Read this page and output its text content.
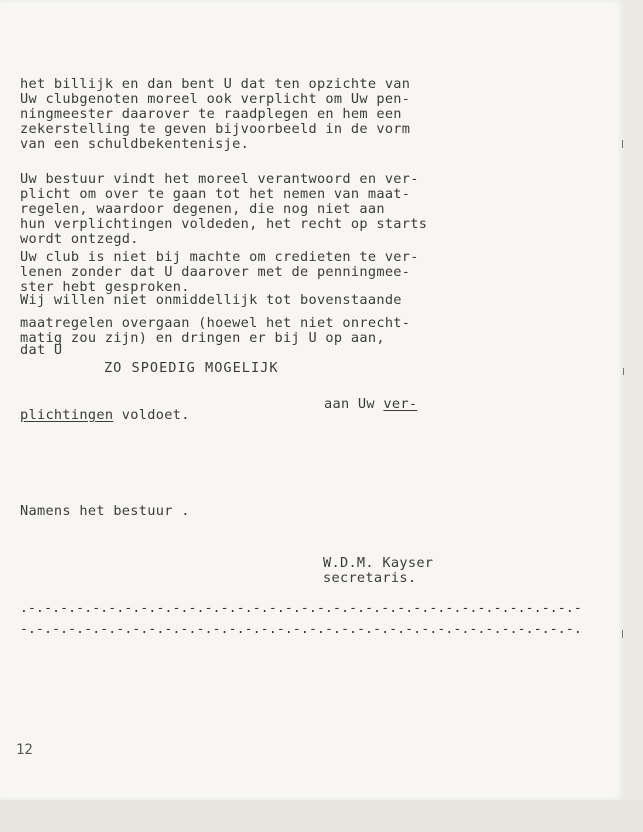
het billijk en dan bent U dat ten opzichte van
Uw clubgenoten moreel ook verplicht om Uw pen-
ningmeester daarover te raadplegen en hem een
zekerstelling te geven bijvoorbeeld in de vorm
van een schuldbekentenisje.
Uw bestuur vindt het moreel verantwoord en ver-
plicht om over te gaan tot het nemen van maat-
regelen, waardoor degenen, die nog niet aan
hun verplichtingen voldeden, het recht op starts
wordt ontzegd.
Uw club is niet bij machte om credieten te ver-
lenen zonder dat U daarover met de penningmee-
ster hebt gesproken.
Wij willen niet onmiddellijk tot bovenstaande
maatregelen overgaan (hoewel het niet onrecht-
matig zou zijn) en dringen er bij U op aan,
dat U
ZO SPOEDIG MOGELIJK
aan Uw ver-
plichtingen voldoet.
Namens het bestuur .
W.D.M. Kayser
secretaris.
.-.-.-.-.-.-.-.-.-.-.-.-.-.-.-.-.-.-.-.-.-.-.-.-.-.-.-.-.-.-.-.-.-.-.-
-.-.-.-.-.-.-.-.-.-.-.-.-.-.-.-.-.-.-.-.-.-.-.-.-.-.-.-.-.-.-.-.-.-.-.
12
